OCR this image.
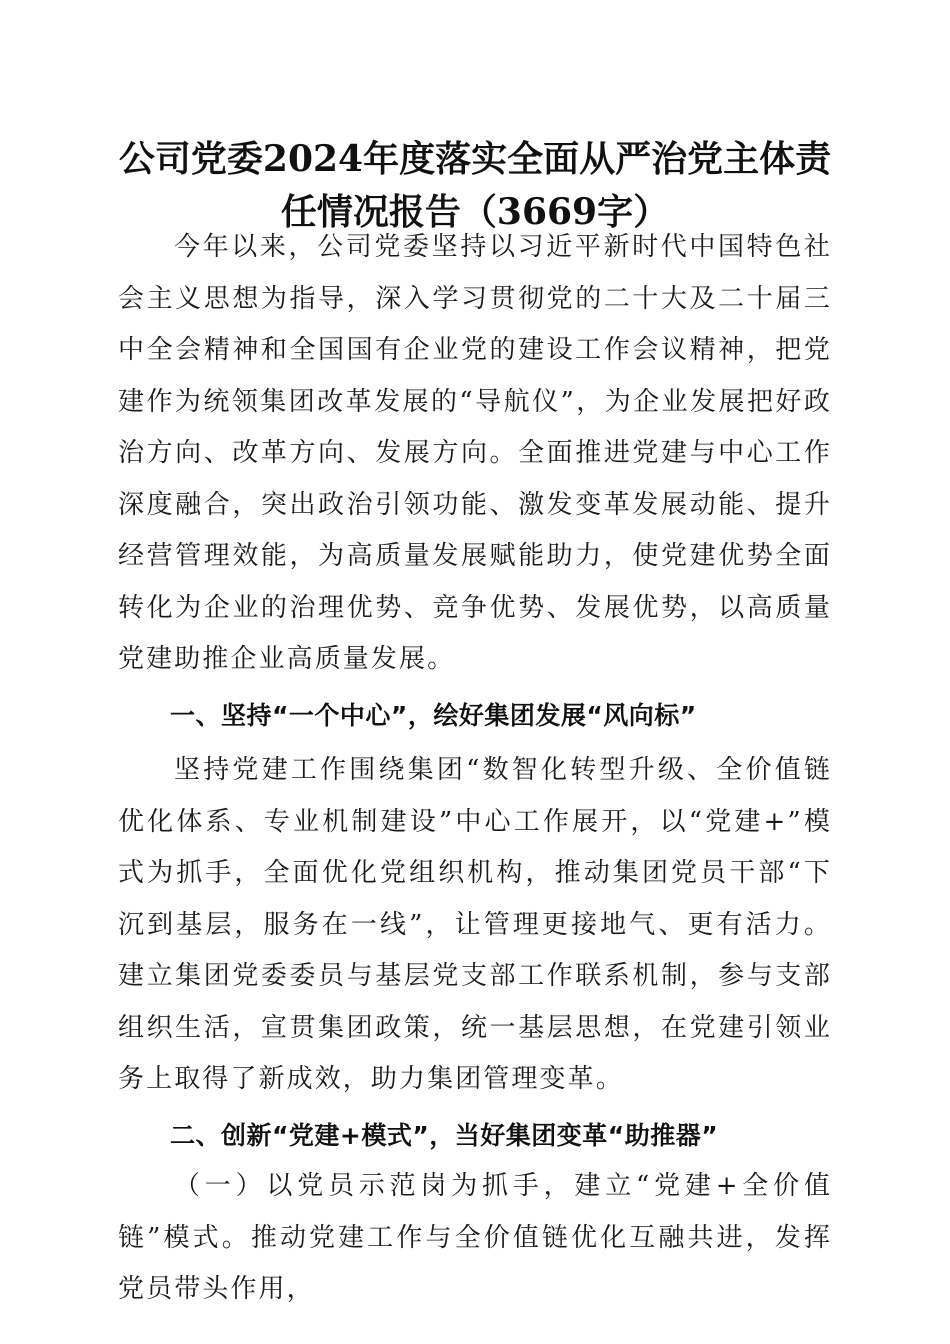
公司党委2024年度落实全面从严治党主体责
任情况报告（3669字）

今年以来，公司党委坚持以习近平新时代中国特色社会主义思想为指导，深入学习贯彻党的二十大及二十届三中全会精神和全国国有企业党的建设工作会议精神，把党建作为统领集团改革发展的“导航仪”，为企业发展把好政治方向、改革方向、发展方向。全面推进党建与中心工作深度融合，突出政治引领功能、激发变革发展动能、提升经营管理效能，为高质量发展赋能助力，使党建优势全面转化为企业的治理优势、竞争优势、发展优势，以高质量党建助推企业高质量发展。

一、坚持“一个中心”，绘好集团发展“风向标”

坚持党建工作围绕集团“数智化转型升级、全价值链优化体系、专业机制建设”中心工作展开，以“党建+”模式为抓手，全面优化党组织机构，推动集团党员干部“下沉到基层，服务在一线”，让管理更接地气、更有活力。建立集团党委委员与基层党支部工作联系机制，参与支部组织生活，宣贯集团政策，统一基层思想，在党建引领业务上取得了新成效，助力集团管理变革。

二、创新“党建+模式”，当好集团变革“助推器”

（一）以党员示范岗为抓手，建立“党建+全价值链”模式。推动党建工作与全价值链优化互融共进，发挥党员带头作用，
